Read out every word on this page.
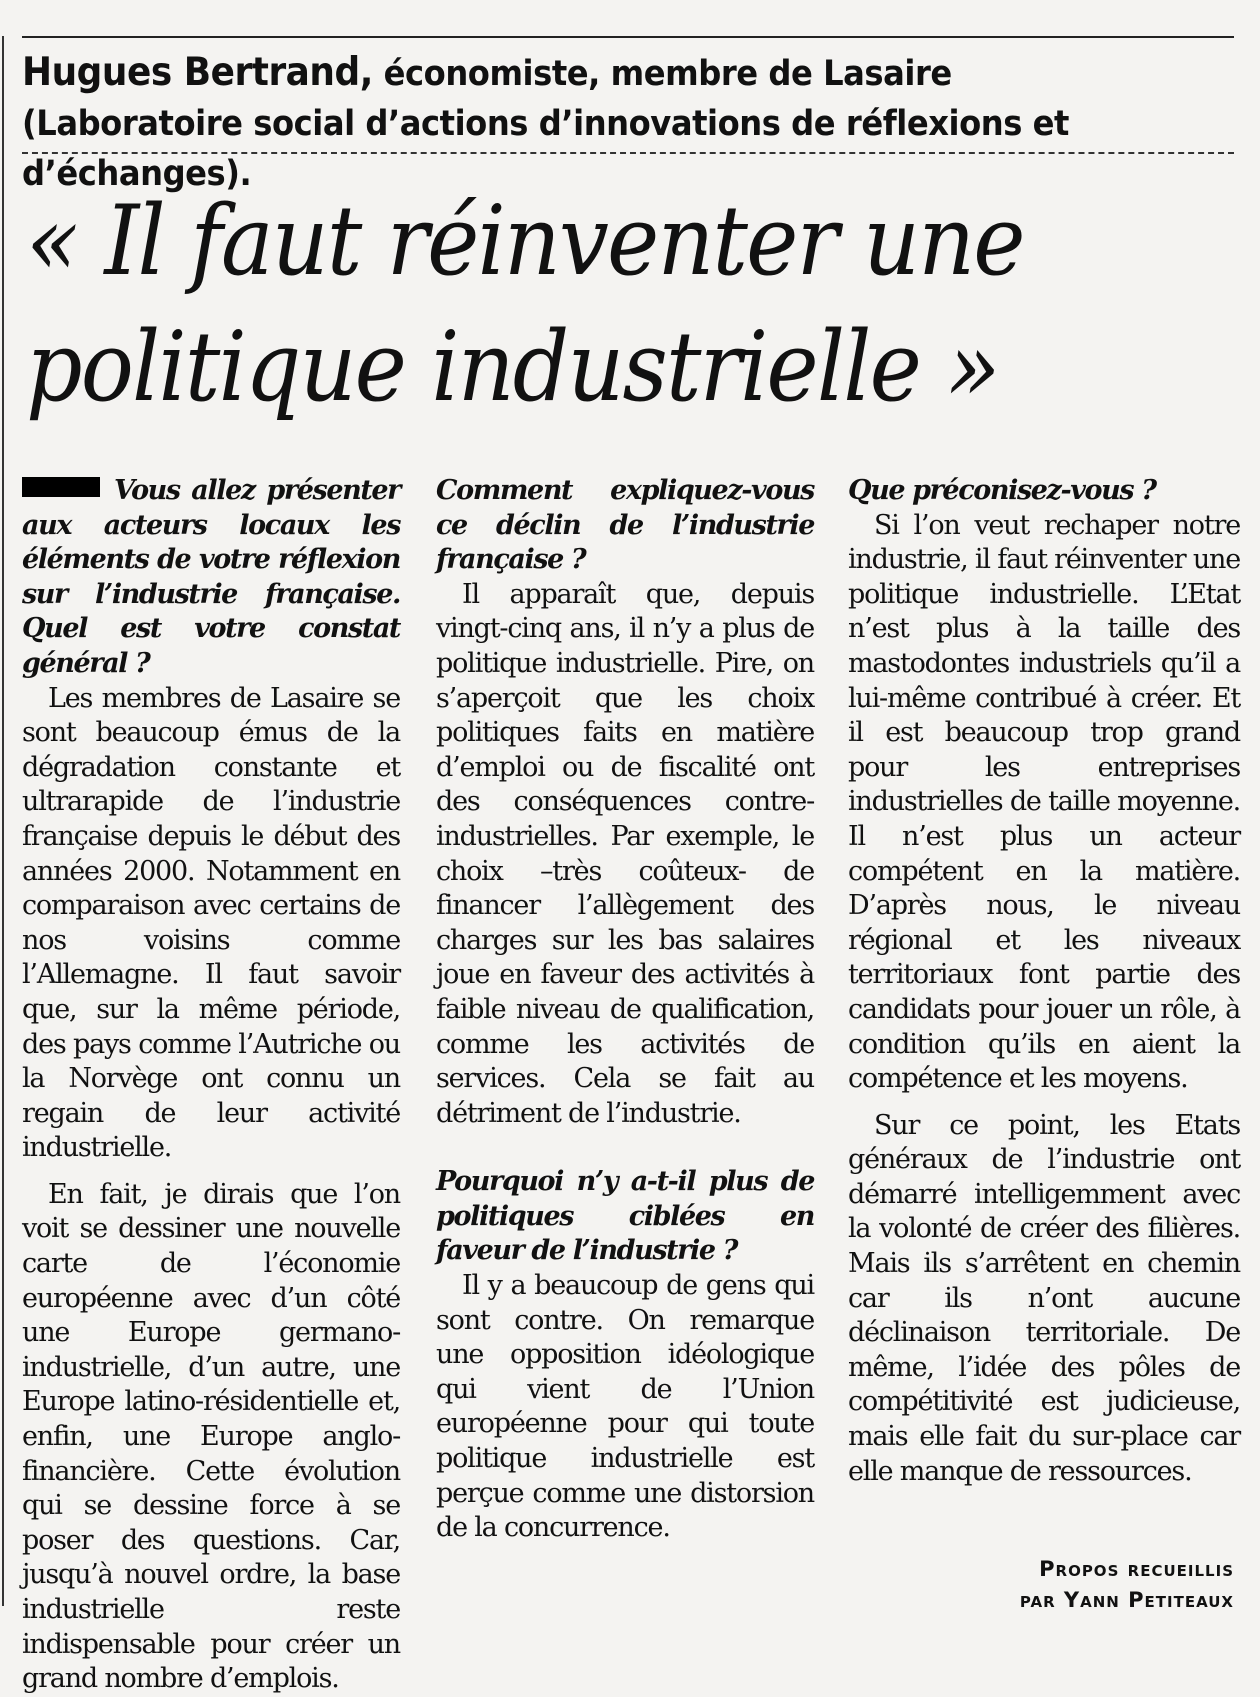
Hugues Bertrand, économiste, membre de Lasaire (Laboratoire social d’actions d’innovations de réflexions et d’échanges).
« Il faut réinventer une politique industrielle »

Vous allez présenter aux acteurs locaux les éléments de votre réflexion sur l’industrie française. Quel est votre constat général ?

Les membres de Lasaire se sont beaucoup émus de la dégradation constante et ultrarapide de l’industrie française depuis le début des années 2000. Notamment en comparaison avec certains de nos voisins comme l’Allemagne. Il faut savoir que, sur la même période, des pays comme l’Autriche ou la Norvège ont connu un regain de leur activité industrielle.

En fait, je dirais que l’on voit se dessiner une nouvelle carte de l’économie européenne avec d’un côté une Europe germano-industrielle, d’un autre, une Europe latino-résidentielle et, enfin, une Europe anglo-financière. Cette évolution qui se dessine force à se poser des questions. Car, jusqu’à nouvel ordre, la base industrielle reste indispensable pour créer un grand nombre d’emplois.

Comment expliquez-vous ce déclin de l’industrie française ?

Il apparaît que, depuis vingt-cinq ans, il n’y a plus de politique industrielle. Pire, on s’aperçoit que les choix politiques faits en matière d’emploi ou de fiscalité ont des conséquences contre-industrielles. Par exemple, le choix –très coûteux- de financer l’allègement des charges sur les bas salaires joue en faveur des activités à faible niveau de qualification, comme les activités de services. Cela se fait au détriment de l’industrie.

Pourquoi n’y a-t-il plus de politiques ciblées en faveur de l’industrie ?

Il y a beaucoup de gens qui sont contre. On remarque une opposition idéologique qui vient de l’Union européenne pour qui toute politique industrielle est perçue comme une distorsion de la concurrence.

Que préconisez-vous ?

Si l’on veut rechaper notre industrie, il faut réinventer une politique industrielle. L’Etat n’est plus à la taille des mastodontes industriels qu’il a lui-même contribué à créer. Et il est beaucoup trop grand pour les entreprises industrielles de taille moyenne. Il n’est plus un acteur compétent en la matière. D’après nous, le niveau régional et les niveaux territoriaux font partie des candidats pour jouer un rôle, à condition qu’ils en aient la compétence et les moyens.

Sur ce point, les Etats généraux de l’industrie ont démarré intelligemment avec la volonté de créer des filières. Mais ils s’arrêtent en chemin car ils n’ont aucune déclinaison territoriale. De même, l’idée des pôles de compétitivité est judicieuse, mais elle fait du sur-place car elle manque de ressources.

Propos recueillis
par Yann Petiteaux
